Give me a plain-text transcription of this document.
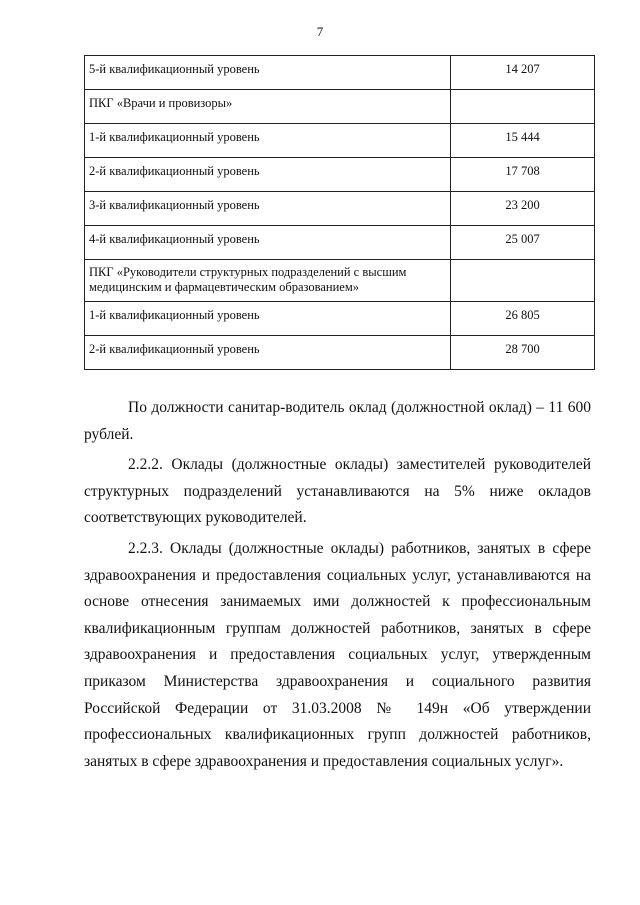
7
5-й квалификационный уровень	14 207
ПКГ «Врачи и провизоры»	
1-й квалификационный уровень	15 444
2-й квалификационный уровень	17 708
3-й квалификационный уровень	23 200
4-й квалификационный уровень	25 007
ПКГ «Руководители структурных подразделений с высшим медицинским и фармацевтическим образованием»	
1-й квалификационный уровень	26 805
2-й квалификационный уровень	28 700

По должности санитар-водитель оклад (должностной оклад) – 11 600 рублей.

2.2.2. Оклады (должностные оклады) заместителей руководителей структурных подразделений устанавливаются на 5% ниже окладов соответствующих руководителей.

2.2.3. Оклады (должностные оклады) работников, занятых в сфере здравоохранения и предоставления социальных услуг, устанавливаются на основе отнесения занимаемых ими должностей к профессиональным квалификационным группам должностей работников, занятых в сфере здравоохранения и предоставления социальных услуг, утвержденным приказом Министерства здравоохранения и социального развития Российской Федерации от 31.03.2008 № 149н «Об утверждении профессиональных квалификационных групп должностей работников, занятых в сфере здравоохранения и предоставления социальных услуг».
